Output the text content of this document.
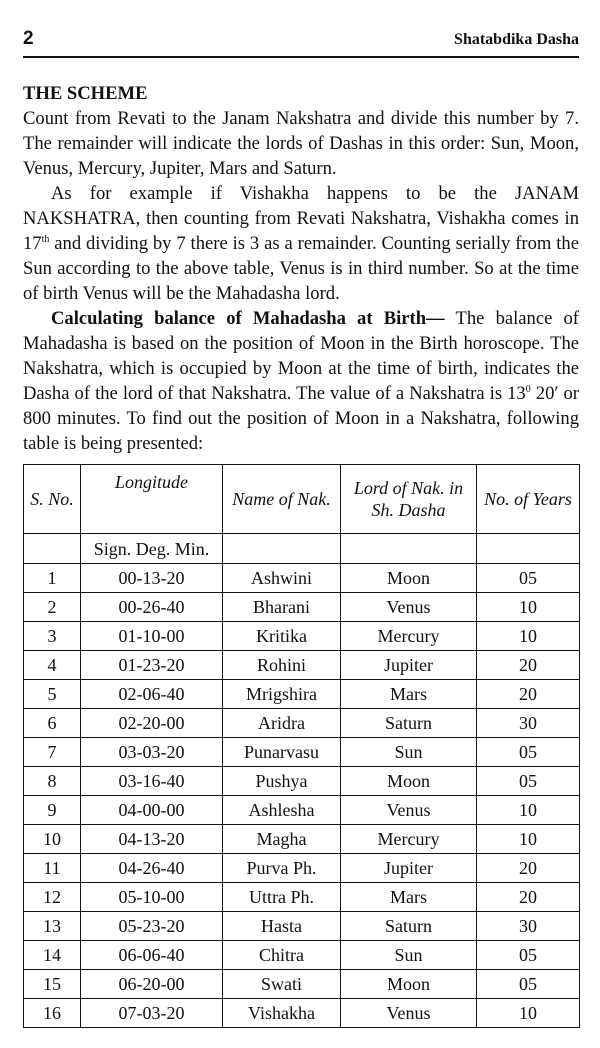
2	Shatabdika Dasha

THE SCHEME

Count from Revati to the Janam Nakshatra and divide this number by 7. The remainder will indicate the lords of Dashas in this order: Sun, Moon, Venus, Mercury, Jupiter, Mars and Saturn.

As for example if Vishakha happens to be the JANAM NAKSHATRA, then counting from Revati Nakshatra, Vishakha comes in 17th and dividing by 7 there is 3 as a remainder. Counting serially from the Sun according to the above table, Venus is in third number. So at the time of birth Venus will be the Mahadasha lord.

Calculating balance of Mahadasha at Birth— The balance of Mahadasha is based on the position of Moon in the Birth horoscope. The Nakshatra, which is occupied by Moon at the time of birth, indicates the Dasha of the lord of that Nakshatra. The value of a Nakshatra is $13^0$ 20′ or 800 minutes. To find out the position of Moon in a Nakshatra, following table is being presented:

S. No.	Longitude	Name of Nak.	Lord of Nak. in Sh. Dasha	No. of Years
	Sign. Deg. Min.			
1	00-13-20	Ashwini	Moon	05
2	00-26-40	Bharani	Venus	10
3	01-10-00	Kritika	Mercury	10
4	01-23-20	Rohini	Jupiter	20
5	02-06-40	Mrigshira	Mars	20
6	02-20-00	Aridra	Saturn	30
7	03-03-20	Punarvasu	Sun	05
8	03-16-40	Pushya	Moon	05
9	04-00-00	Ashlesha	Venus	10
10	04-13-20	Magha	Mercury	10
11	04-26-40	Purva Ph.	Jupiter	20
12	05-10-00	Uttra Ph.	Mars	20
13	05-23-20	Hasta	Saturn	30
14	06-06-40	Chitra	Sun	05
15	06-20-00	Swati	Moon	05
16	07-03-20	Vishakha	Venus	10
